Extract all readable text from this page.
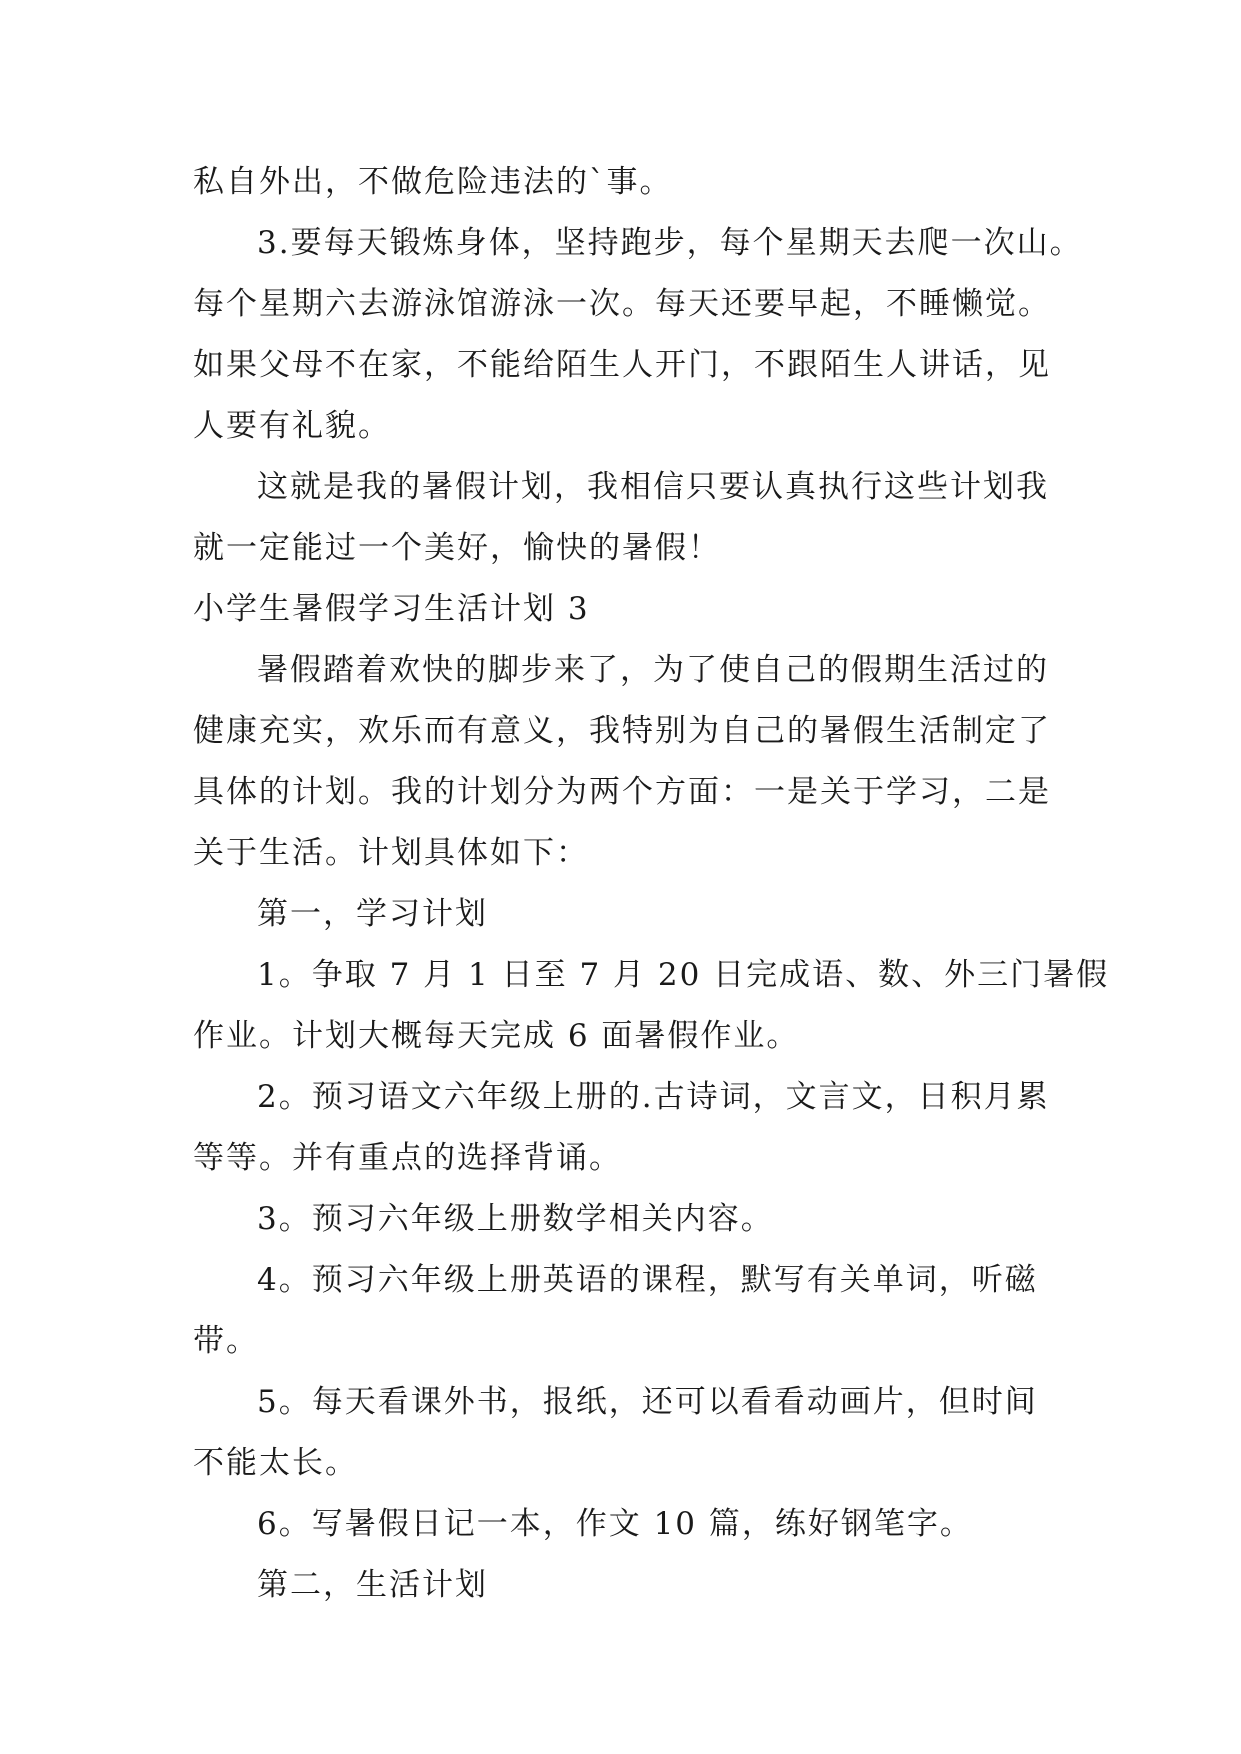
私自外出，不做危险违法的`事。
3.要每天锻炼身体，坚持跑步，每个星期天去爬一次山。
每个星期六去游泳馆游泳一次。每天还要早起，不睡懒觉。
如果父母不在家，不能给陌生人开门，不跟陌生人讲话，见
人要有礼貌。
这就是我的暑假计划，我相信只要认真执行这些计划我
就一定能过一个美好，愉快的暑假！
小学生暑假学习生活计划 3
暑假踏着欢快的脚步来了，为了使自己的假期生活过的
健康充实，欢乐而有意义，我特别为自己的暑假生活制定了
具体的计划。我的计划分为两个方面：一是关于学习，二是
关于生活。计划具体如下：
第一，学习计划
1。争取 7 月 1 日至 7 月 20 日完成语、数、外三门暑假
作业。计划大概每天完成 6 面暑假作业。
2。预习语文六年级上册的.古诗词，文言文，日积月累
等等。并有重点的选择背诵。
3。预习六年级上册数学相关内容。
4。预习六年级上册英语的课程，默写有关单词，听磁
带。
5。每天看课外书，报纸，还可以看看动画片，但时间
不能太长。
6。写暑假日记一本，作文 10 篇，练好钢笔字。
第二，生活计划
